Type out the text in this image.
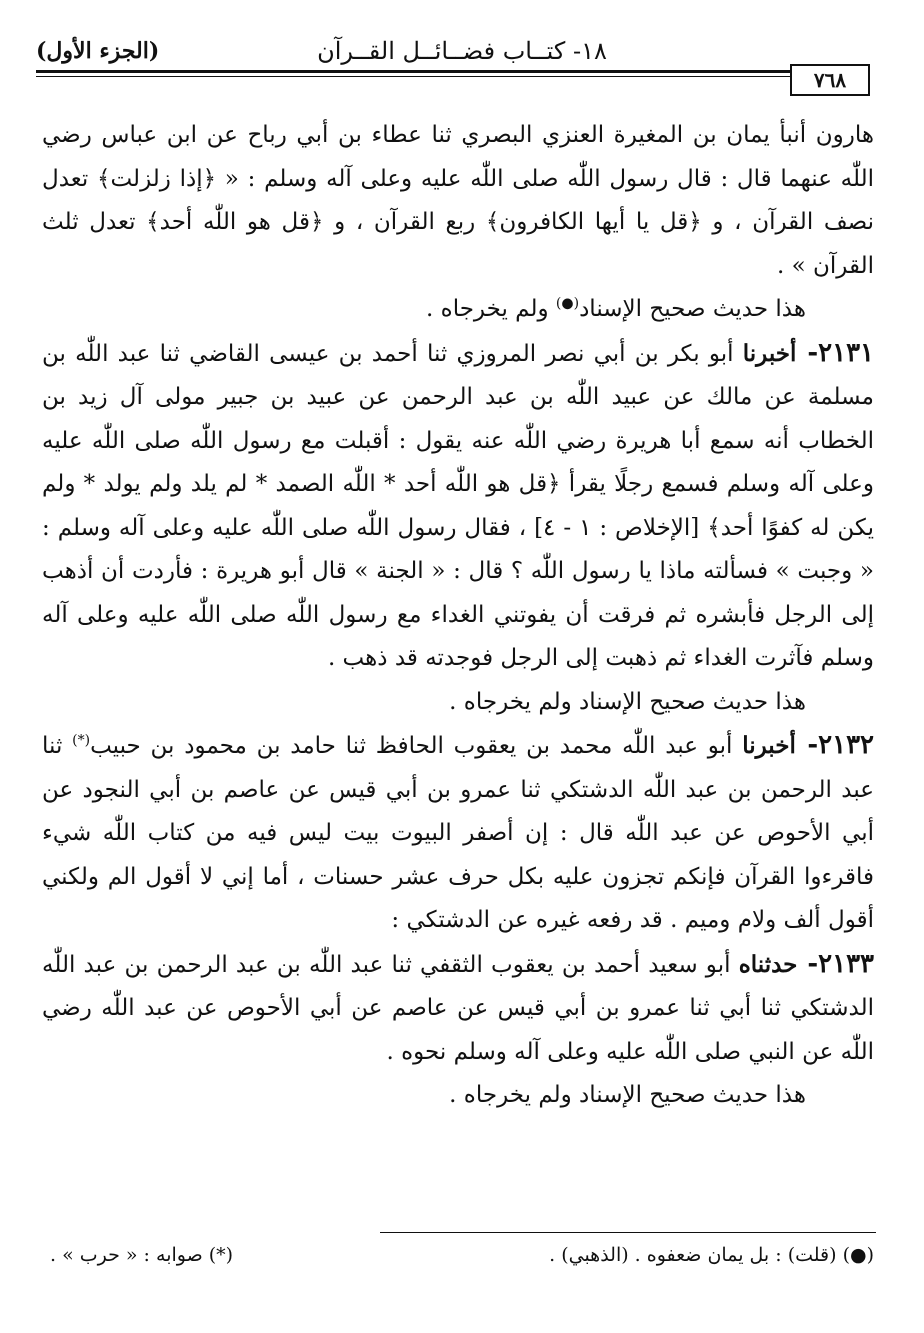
١٨- كتــاب فضــائــل القــرآن
(الجزء الأول)
٧٦٨

هارون أنبأ يمان بن المغيرة العنزي البصري ثنا عطاء بن أبي رباح عن ابن عباس رضي اللّٰه عنهما قال : قال رسول اللّٰه صلى اللّٰه عليه وعلى آله وسلم : « ﴿إذا زلزلت﴾ تعدل نصف القرآن ، و ﴿قل يا أيها الكافرون﴾ ربع القرآن ، و ﴿قل هو اللّٰه أحد﴾ تعدل ثلث القرآن » .

هذا حديث صحيح الإسناد(●) ولم يخرجاه .

٢١٣١- أخبرنا أبو بكر بن أبي نصر المروزي ثنا أحمد بن عيسى القاضي ثنا عبد اللّٰه بن مسلمة عن مالك عن عبيد اللّٰه بن عبد الرحمن عن عبيد بن جبير مولى آل زيد بن الخطاب أنه سمع أبا هريرة رضي اللّٰه عنه يقول : أقبلت مع رسول اللّٰه صلى اللّٰه عليه وعلى آله وسلم فسمع رجلًا يقرأ ﴿قل هو اللّٰه أحد * اللّٰه الصمد * لم يلد ولم يولد * ولم يكن له كفوًا أحد﴾ [الإخلاص : ١ - ٤] ، فقال رسول اللّٰه صلى اللّٰه عليه وعلى آله وسلم : « وجبت » فسألته ماذا يا رسول اللّٰه ؟ قال : « الجنة » قال أبو هريرة : فأردت أن أذهب إلى الرجل فأبشره ثم فرقت أن يفوتني الغداء مع رسول اللّٰه صلى اللّٰه عليه وعلى آله وسلم فآثرت الغداء ثم ذهبت إلى الرجل فوجدته قد ذهب .

هذا حديث صحيح الإسناد ولم يخرجاه .

٢١٣٢- أخبرنا أبو عبد اللّٰه محمد بن يعقوب الحافظ ثنا حامد بن محمود بن حبيب(*) ثنا عبد الرحمن بن عبد اللّٰه الدشتكي ثنا عمرو بن أبي قيس عن عاصم بن أبي النجود عن أبي الأحوص عن عبد اللّٰه قال : إن أصفر البيوت بيت ليس فيه من كتاب اللّٰه شيء فاقرءوا القرآن فإنكم تجزون عليه بكل حرف عشر حسنات ، أما إني لا أقول الم ولكني أقول ألف ولام وميم . قد رفعه غيره عن الدشتكي :

٢١٣٣- حدثناه أبو سعيد أحمد بن يعقوب الثقفي ثنا عبد اللّٰه بن عبد الرحمن بن عبد اللّٰه الدشتكي ثنا أبي ثنا عمرو بن أبي قيس عن عاصم عن أبي الأحوص عن عبد اللّٰه رضي اللّٰه عن النبي صلى اللّٰه عليه وعلى آله وسلم نحوه .

هذا حديث صحيح الإسناد ولم يخرجاه .

(●) (قلت) : بل يمان ضعفوه . (الذهبي) .
(*) صوابه : « حرب » .
